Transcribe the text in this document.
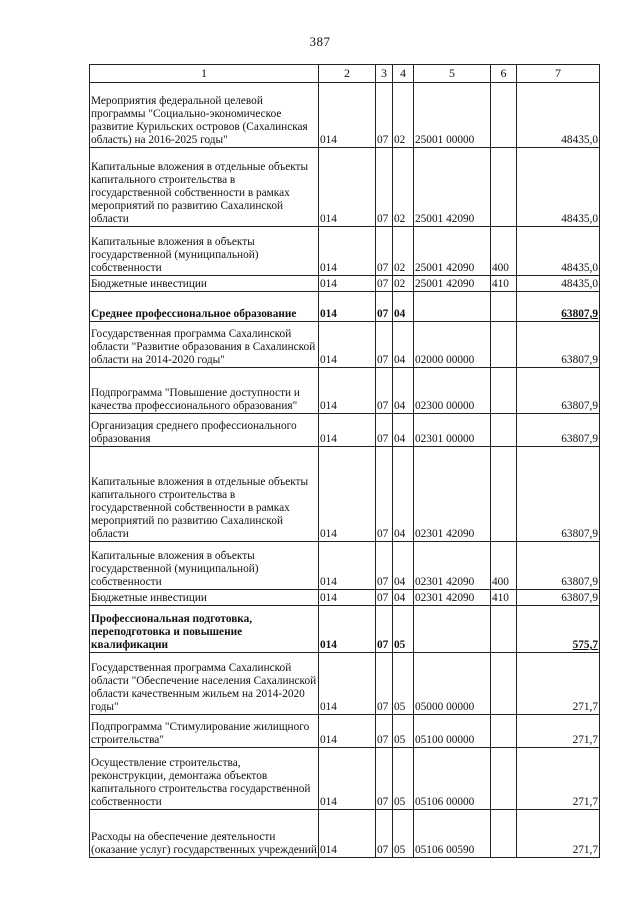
387
1	2	3	4	5	6	7
Мероприятия федеральной целевой программы "Социально-экономическое развитие Курильских островов (Сахалинская область) на 2016-2025 годы"	014	07	02	25001 00000		48435,0
Капитальные вложения в отдельные объекты капитального строительства в государственной собственности в рамках мероприятий по развитию Сахалинской области	014	07	02	25001 42090		48435,0
Капитальные вложения в объекты государственной (муниципальной) собственности	014	07	02	25001 42090	400	48435,0
Бюджетные инвестиции	014	07	02	25001 42090	410	48435,0
Среднее профессиональное образование	014	07	04			63807,9
Государственная программа Сахалинской области "Развитие образования в Сахалинской области на 2014-2020 годы"	014	07	04	02000 00000		63807,9
Подпрограмма "Повышение доступности и качества профессионального образования"	014	07	04	02300 00000		63807,9
Организация среднего профессионального образования	014	07	04	02301 00000		63807,9
Капитальные вложения в отдельные объекты капитального строительства в государственной собственности в рамках мероприятий по развитию Сахалинской области	014	07	04	02301 42090		63807,9
Капитальные вложения в объекты государственной (муниципальной) собственности	014	07	04	02301 42090	400	63807,9
Бюджетные инвестиции	014	07	04	02301 42090	410	63807,9
Профессиональная подготовка, переподготовка и повышение квалификации	014	07	05			575,7
Государственная программа Сахалинской области "Обеспечение населения Сахалинской области качественным жильем на 2014-2020 годы"	014	07	05	05000 00000		271,7
Подпрограмма "Стимулирование жилищного строительства"	014	07	05	05100 00000		271,7
Осуществление строительства, реконструкции, демонтажа объектов капитального строительства государственной собственности	014	07	05	05106 00000		271,7
Расходы на обеспечение деятельности (оказание услуг) государственных учреждений	014	07	05	05106 00590		271,7
